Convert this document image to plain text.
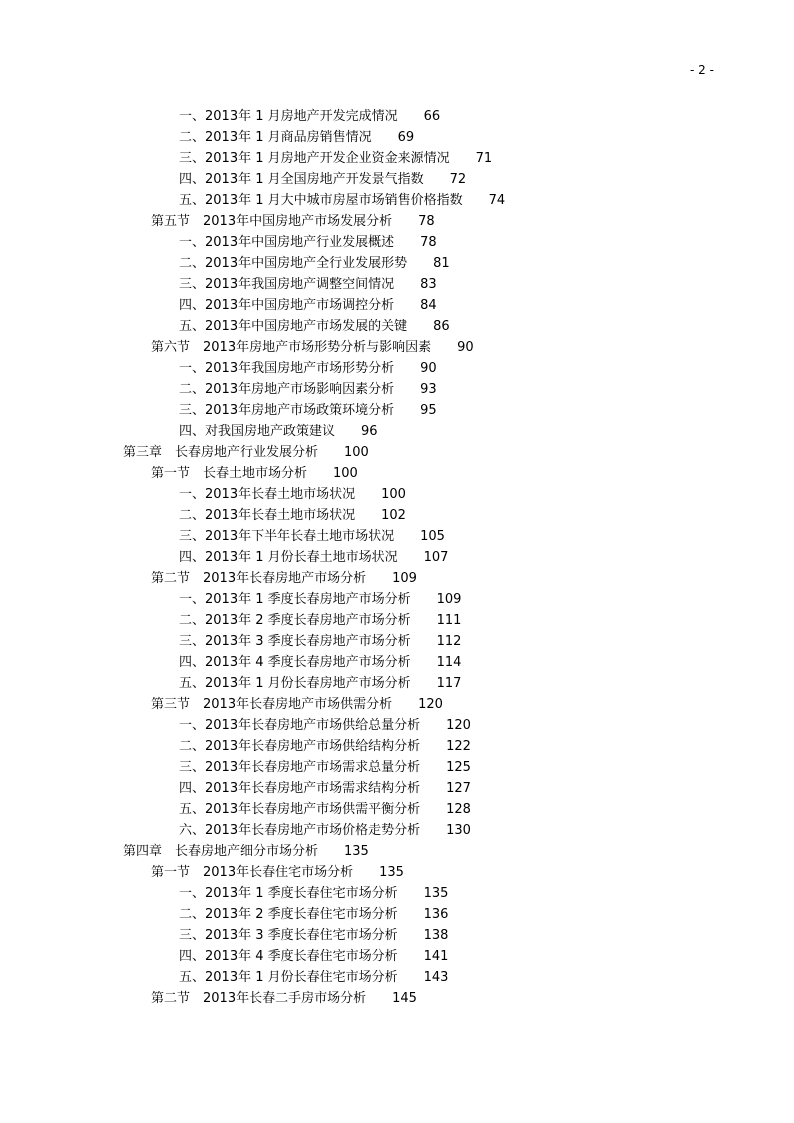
- 2 -
一、2013年 1 月房地产开发完成情况 66
二、2013年 1 月商品房销售情况 69
三、2013年 1 月房地产开发企业资金来源情况 71
四、2013年 1 月全国房地产开发景气指数 72
五、2013年 1 月大中城市房屋市场销售价格指数 74
第五节　2013年中国房地产市场发展分析 78
一、2013年中国房地产行业发展概述 78
二、2013年中国房地产全行业发展形势 81
三、2013年我国房地产调整空间情况 83
四、2013年中国房地产市场调控分析 84
五、2013年中国房地产市场发展的关键 86
第六节　2013年房地产市场形势分析与影响因素 90
一、2013年我国房地产市场形势分析 90
二、2013年房地产市场影响因素分析 93
三、2013年房地产市场政策环境分析 95
四、对我国房地产政策建议 96
第三章　长春房地产行业发展分析 100
第一节　长春土地市场分析 100
一、2013年长春土地市场状况 100
二、2013年长春土地市场状况 102
三、2013年下半年长春土地市场状况 105
四、2013年 1 月份长春土地市场状况 107
第二节　2013年长春房地产市场分析 109
一、2013年 1 季度长春房地产市场分析 109
二、2013年 2 季度长春房地产市场分析 111
三、2013年 3 季度长春房地产市场分析 112
四、2013年 4 季度长春房地产市场分析 114
五、2013年 1 月份长春房地产市场分析 117
第三节　2013年长春房地产市场供需分析 120
一、2013年长春房地产市场供给总量分析 120
二、2013年长春房地产市场供给结构分析 122
三、2013年长春房地产市场需求总量分析 125
四、2013年长春房地产市场需求结构分析 127
五、2013年长春房地产市场供需平衡分析 128
六、2013年长春房地产市场价格走势分析 130
第四章　长春房地产细分市场分析 135
第一节　2013年长春住宅市场分析 135
一、2013年 1 季度长春住宅市场分析 135
二、2013年 2 季度长春住宅市场分析 136
三、2013年 3 季度长春住宅市场分析 138
四、2013年 4 季度长春住宅市场分析 141
五、2013年 1 月份长春住宅市场分析 143
第二节　2013年长春二手房市场分析 145
